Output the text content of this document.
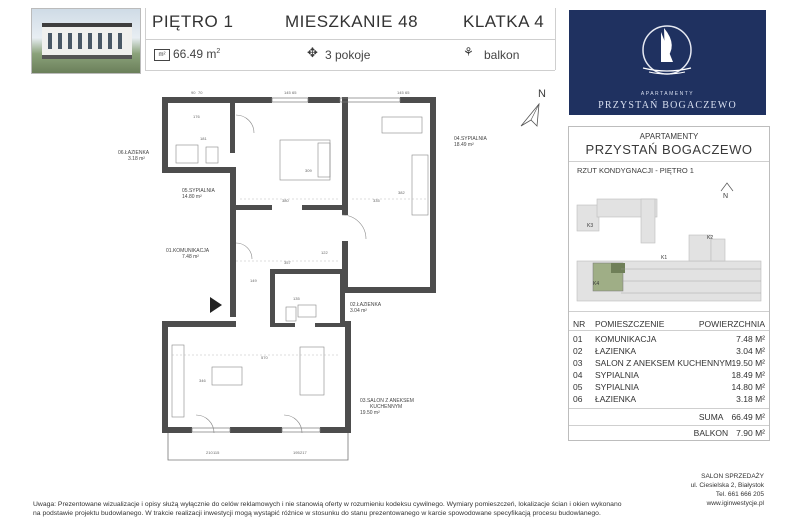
PIĘTRO 1	MIESZKANIE 48	KLATKA 4
m² 66.49 $m^2$	✥ 3 pokoje	⚘ balkon
APARTAMENTY
PRZYSTAŃ BOGACZEWO
N
06.ŁAZIENKA
3.18 m²
05.SYPIALNIA
14.80 m²
04.SYPIALNIA
18.49 m²
01.KOMUNIKACJA
7.48 m²
02.ŁAZIENKA
3.04 m²
03.SALON Z ANEKSEM
KUCHENNYM
19.50 m²
90 70	145 65	145 65
176
181
380
309
335
382
122
357
149
135
570
346
210 115	195 217
APARTAMENTY
PRZYSTAŃ BOGACZEWO
RZUT KONDYGNACJI - PIĘTRO 1
N
K3
K2
K1
K4
NR POMIESZCZENIE	POWIERZCHNIA
01 KOMUNIKACJA	7.48 M²
02 ŁAZIENKA	3.04 M²
03 SALON Z ANEKSEM KUCHENNYM 19.50 M²
04 SYPIALNIA	18.49 M²
05 SYPIALNIA	14.80 M²
06 ŁAZIENKA	3.18 M²
SUMA 66.49 M²
BALKON 7.90 M²
SALON SPRZEDAŻY
ul. Ciesielska 2, Białystok
Tel. 661 666 205
www.iginwestycje.pl
Uwaga: Prezentowane wizualizacje i opisy służą wyłącznie do celów reklamowych i nie stanowią oferty w rozumieniu kodeksu cywilnego. Wymiary pomieszczeń, lokalizacje ścian i okien wykonano
na podstawie projektu budowlanego. W trakcie realizacji inwestycji mogą wystąpić różnice w stosunku do stanu prezentowanego w karcie spowodowane specyfikacją procesu budowlanego.
